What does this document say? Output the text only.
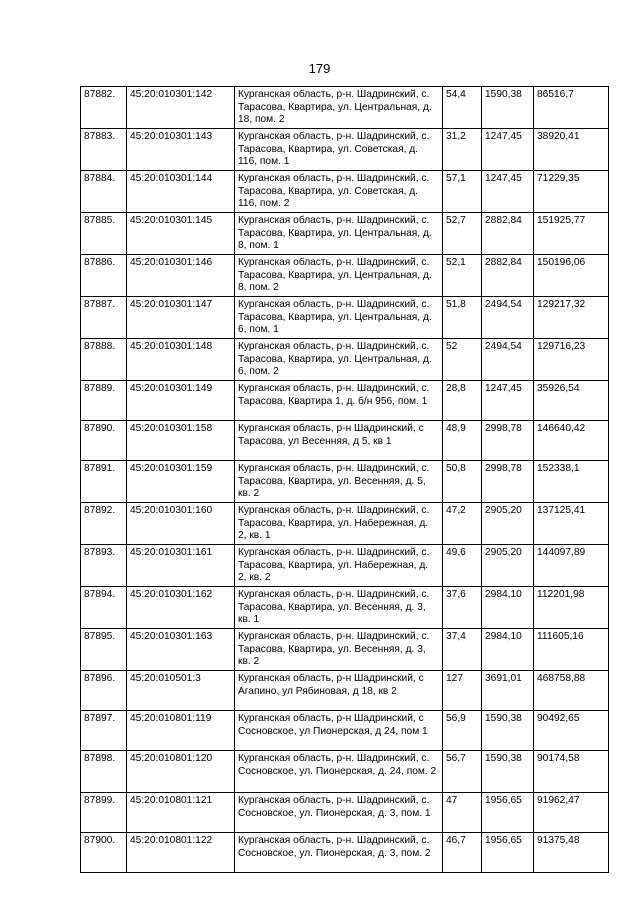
179
87882.	45:20:010301:142	Курганская область, р-н. Шадринский, с. Тарасова, Квартира, ул. Центральная, д. 18, пом. 2	54,4	1590,38	86516,7
87883.	45:20:010301:143	Курганская область, р-н. Шадринский, с. Тарасова, Квартира, ул. Советская, д. 116, пом. 1	31,2	1247,45	38920,41
87884.	45:20:010301:144	Курганская область, р-н. Шадринский, с. Тарасова, Квартира, ул. Советская, д. 116, пом. 2	57,1	1247,45	71229,35
87885.	45:20:010301:145	Курганская область, р-н. Шадринский, с. Тарасова, Квартира, ул. Центральная, д. 8, пом. 1	52,7	2882,84	151925,77
87886.	45:20:010301:146	Курганская область, р-н. Шадринский, с. Тарасова, Квартира, ул. Центральная, д. 8, пом. 2	52,1	2882,84	150196,06
87887.	45:20:010301:147	Курганская область, р-н. Шадринский, с. Тарасова, Квартира, ул. Центральная, д. 6, пом. 1	51,8	2494,54	129217,32
87888.	45:20:010301:148	Курганская область, р-н. Шадринский, с. Тарасова, Квартира, ул. Центральная, д. 6, пом. 2	52	2494,54	129716,23
87889.	45:20:010301:149	Курганская область, р-н. Шадринский, с. Тарасова, Квартира 1, д. б/н 956, пом. 1	28,8	1247,45	35926,54
87890.	45:20:010301:158	Курганская область, р-н Шадринский, с Тарасова, ул Весенняя, д 5, кв 1	48,9	2998,78	146640,42
87891.	45:20:010301:159	Курганская область, р-н. Шадринский, с. Тарасова, Квартира, ул. Весенняя, д. 5, кв. 2	50,8	2998,78	152338,1
87892.	45:20:010301:160	Курганская область, р-н. Шадринский, с. Тарасова, Квартира, ул. Набережная, д. 2, кв. 1	47,2	2905,20	137125,41
87893.	45:20:010301:161	Курганская область, р-н. Шадринский, с. Тарасова, Квартира, ул. Набережная, д. 2, кв. 2	49,6	2905,20	144097,89
87894.	45:20:010301:162	Курганская область, р-н. Шадринский, с. Тарасова, Квартира, ул. Весенняя, д. 3, кв. 1	37,6	2984,10	112201,98
87895.	45:20:010301:163	Курганская область, р-н. Шадринский, с. Тарасова, Квартира, ул. Весенняя, д. 3, кв. 2	37,4	2984,10	111605,16
87896.	45:20:010501:3	Курганская область, р-н Шадринский, с Агапино, ул Рябиновая, д 18, кв 2	127	3691,01	468758,88
87897.	45:20:010801:119	Курганская область, р-н Шадринский, с Сосновское, ул Пионерская, д 24, пом 1	56,9	1590,38	90492,65
87898.	45:20:010801:120	Курганская область, р-н. Шадринский, с. Сосновское, ул. Пионерская, д. 24, пом. 2	56,7	1590,38	90174,58
87899.	45:20:010801:121	Курганская область, р-н. Шадринский, с. Сосновское, ул. Пионерская, д. 3, пом. 1	47	1956,65	91962,47
87900.	45:20:010801:122	Курганская область, р-н. Шадринский, с. Сосновское, ул. Пионерская, д. 3, пом. 2	46,7	1956,65	91375,48
